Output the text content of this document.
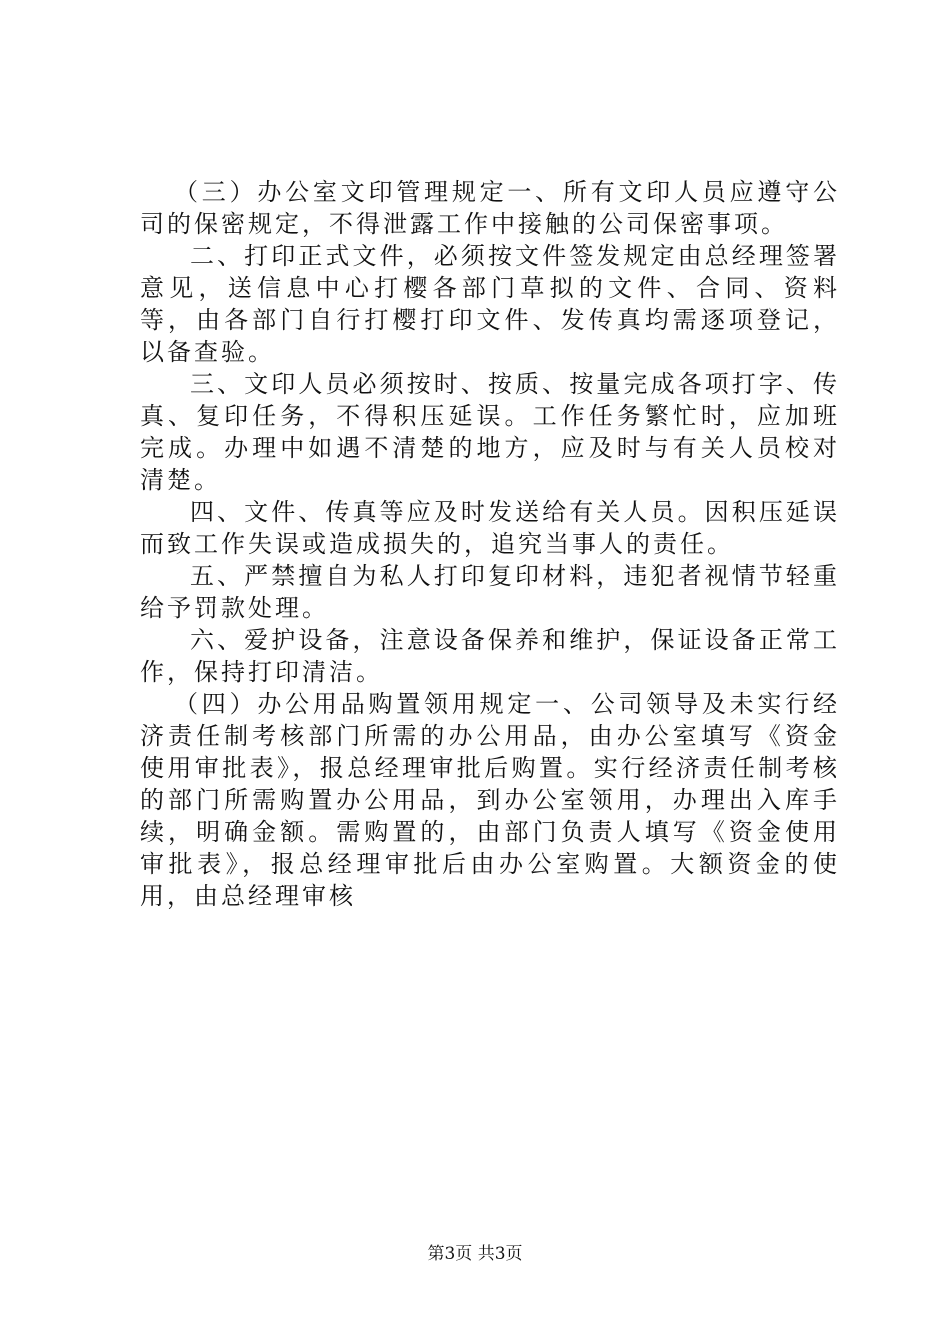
（三）办公室文印管理规定一、所有文印人员应遵守公司的保密规定，不得泄露工作中接触的公司保密事项。

二、打印正式文件，必须按文件签发规定由总经理签署意见，送信息中心打樱各部门草拟的文件、合同、资料等，由各部门自行打樱打印文件、发传真均需逐项登记，以备查验。

三、文印人员必须按时、按质、按量完成各项打字、传真、复印任务，不得积压延误。工作任务繁忙时，应加班完成。办理中如遇不清楚的地方，应及时与有关人员校对清楚。

四、文件、传真等应及时发送给有关人员。因积压延误而致工作失误或造成损失的，追究当事人的责任。

五、严禁擅自为私人打印复印材料，违犯者视情节轻重给予罚款处理。

六、爱护设备，注意设备保养和维护，保证设备正常工作，保持打印清洁。

（四）办公用品购置领用规定一、公司领导及未实行经济责任制考核部门所需的办公用品，由办公室填写《资金使用审批表》，报总经理审批后购置。实行经济责任制考核的部门所需购置办公用品，到办公室领用，办理出入库手续，明确金额。需购置的，由部门负责人填写《资金使用审批表》，报总经理审批后由办公室购置。大额资金的使用，由总经理审核

第3页 共3页
